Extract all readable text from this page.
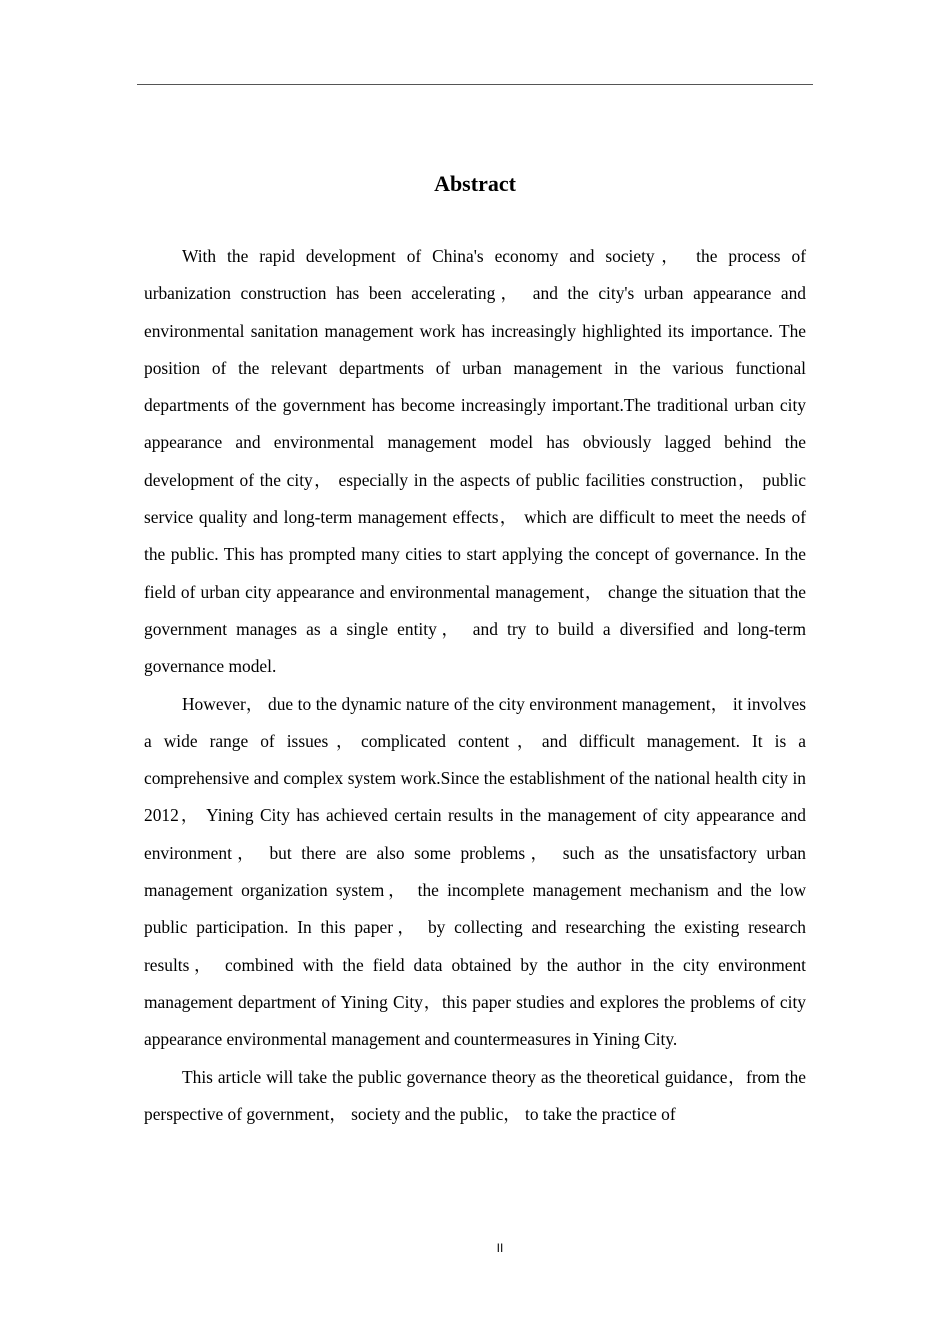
Abstract

With the rapid development of China's economy and society， the process of urbanization construction has been accelerating， and the city's urban appearance and environmental sanitation management work has increasingly highlighted its importance. The position of the relevant departments of urban management in the various functional departments of the government has become increasingly important.The traditional urban city appearance and environmental management model has obviously lagged behind the development of the city， especially in the aspects of public facilities construction， public service quality and long-term management effects， which are difficult to meet the needs of the public. This has prompted many cities to start applying the concept of governance. In the field of urban city appearance and environmental management， change the situation that the government manages as a single entity， and try to build a diversified and long-term governance model.

However， due to the dynamic nature of the city environment management， it involves a wide range of issues，complicated content，and difficult management. It is a comprehensive and complex system work.Since the establishment of the national health city in 2012， Yining City has achieved certain results in the management of city appearance and environment， but there are also some problems， such as the unsatisfactory urban management organization system， the incomplete management mechanism and the low public participation. In this paper， by collecting and researching the existing research results， combined with the field data obtained by the author in the city environment management department of Yining City，this paper studies and explores the problems of city appearance environmental management and countermeasures in Yining City.

This article will take the public governance theory as the theoretical guidance，from the perspective of government， society and the public， to take the practice of

II
